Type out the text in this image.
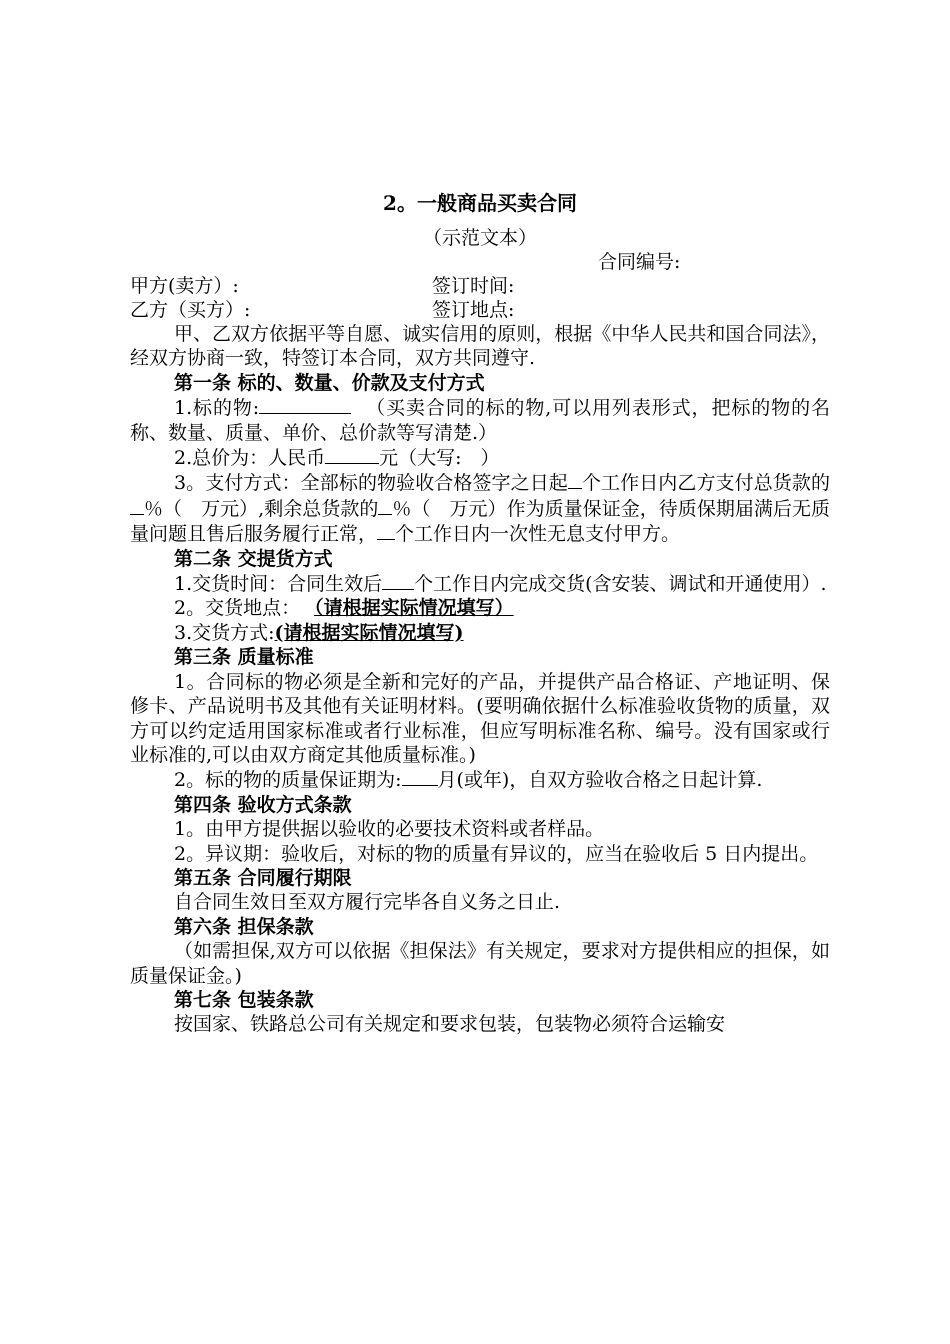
2。一般商品买卖合同
（示范文本）
合同编号:
甲方(卖方）:	签订时间:
乙方（买方）:	签订地点:
甲、乙双方依据平等自愿、诚实信用的原则，根据《中华人民共和国合同法》，经双方协商一致，特签订本合同，双方共同遵守.
第一条 标的、数量、价款及支付方式
1.标的物:	（买卖合同的标的物,可以用列表形式，把标的物的名称、数量、质量、单价、总价款等写清楚.）
2.总价为：人民币	元（大写:　）
3。支付方式：全部标的物验收合格签字之日起 个工作日内乙方支付总货款的％（　万元）,剩余总货款的 ％（　万元）作为质量保证金，待质保期届满后无质量问题且售后服务履行正常， 个工作日内一次性无息支付甲方。
第二条 交提货方式
1.交货时间：合同生效后 个工作日内完成交货(含安装、调试和开通使用）.
2。交货地点： （请根据实际情况填写）
3.交货方式:(请根据实际情况填写)
第三条 质量标准
1。合同标的物必须是全新和完好的产品，并提供产品合格证、产地证明、保修卡、产品说明书及其他有关证明材料。(要明确依据什么标准验收货物的质量，双方可以约定适用国家标准或者行业标准，但应写明标准名称、编号。没有国家或行业标准的,可以由双方商定其他质量标准。)
2。标的物的质量保证期为: 月(或年)，自双方验收合格之日起计算.
第四条 验收方式条款
1。由甲方提供据以验收的必要技术资料或者样品。
2。异议期：验收后，对标的物的质量有异议的，应当在验收后 5 日内提出。
第五条 合同履行期限
自合同生效日至双方履行完毕各自义务之日止.
第六条 担保条款
（如需担保,双方可以依据《担保法》有关规定，要求对方提供相应的担保，如质量保证金。)
第七条 包装条款
按国家、铁路总公司有关规定和要求包装，包装物必须符合运输安
